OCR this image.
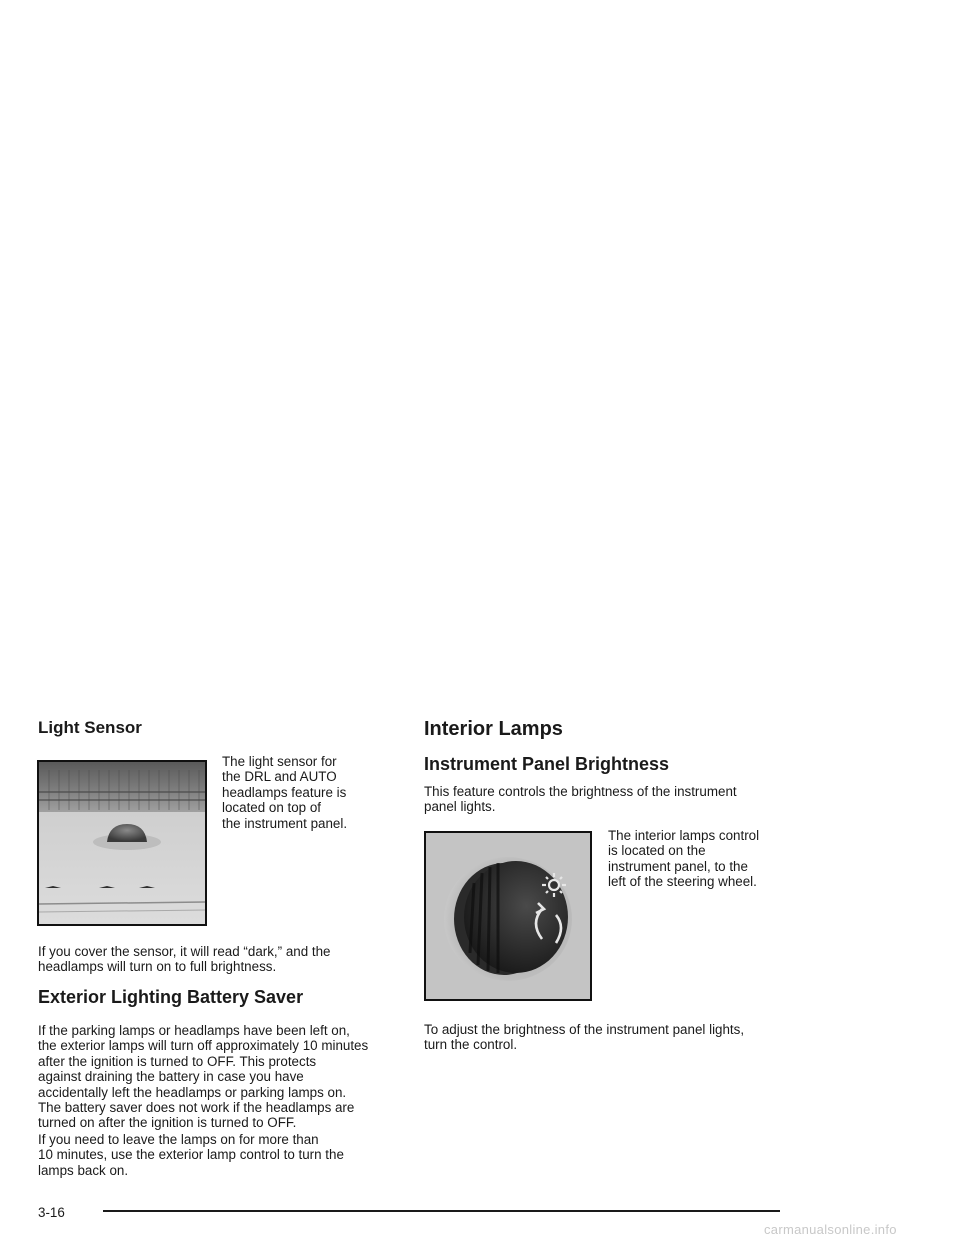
Light Sensor

The light sensor for
the DRL and AUTO
headlamps feature is
located on top of
the instrument panel.

If you cover the sensor, it will read “dark,” and the
headlamps will turn on to full brightness.

Exterior Lighting Battery Saver

If the parking lamps or headlamps have been left on,
the exterior lamps will turn off approximately 10 minutes
after the ignition is turned to OFF. This protects
against draining the battery in case you have
accidentally left the headlamps or parking lamps on.
The battery saver does not work if the headlamps are
turned on after the ignition is turned to OFF.

If you need to leave the lamps on for more than
10 minutes, use the exterior lamp control to turn the
lamps back on.

Interior Lamps
Instrument Panel Brightness

This feature controls the brightness of the instrument
panel lights.

The interior lamps control
is located on the
instrument panel, to the
left of the steering wheel.

To adjust the brightness of the instrument panel lights,
turn the control.

3-16
carmanualsonline.info
